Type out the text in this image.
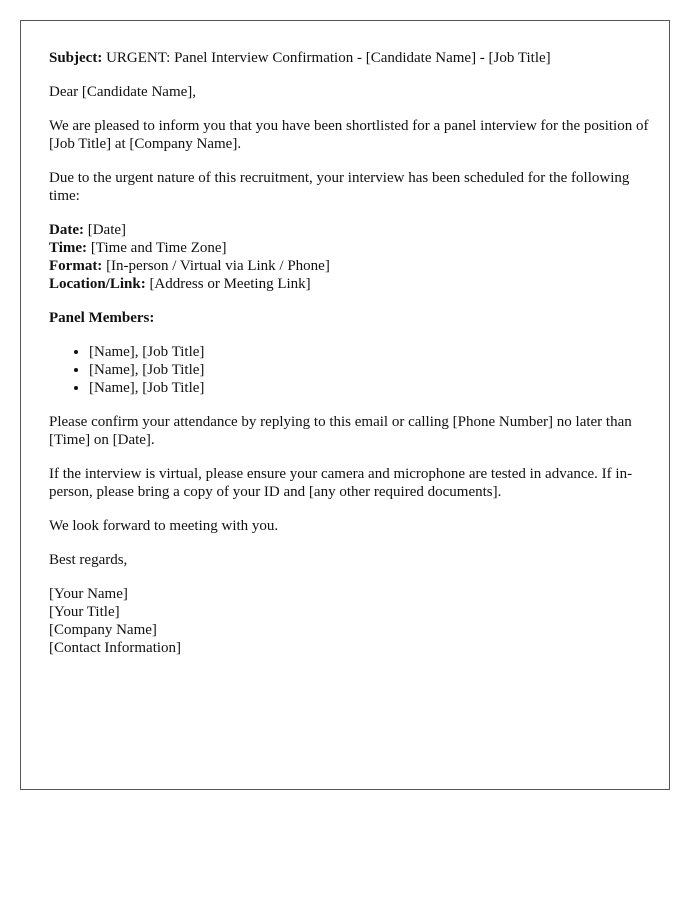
Subject: URGENT: Panel Interview Confirmation - [Candidate Name] - [Job Title]

Dear [Candidate Name],

We are pleased to inform you that you have been shortlisted for a panel interview for the position of [Job Title] at [Company Name].

Due to the urgent nature of this recruitment, your interview has been scheduled for the following time:

Date: [Date]
Time: [Time and Time Zone]
Format: [In-person / Virtual via Link / Phone]
Location/Link: [Address or Meeting Link]

Panel Members:

• [Name], [Job Title]
• [Name], [Job Title]
• [Name], [Job Title]

Please confirm your attendance by replying to this email or calling [Phone Number] no later than [Time] on [Date].

If the interview is virtual, please ensure your camera and microphone are tested in advance. If in-person, please bring a copy of your ID and [any other required documents].

We look forward to meeting with you.

Best regards,

[Your Name]
[Your Title]
[Company Name]
[Contact Information]
